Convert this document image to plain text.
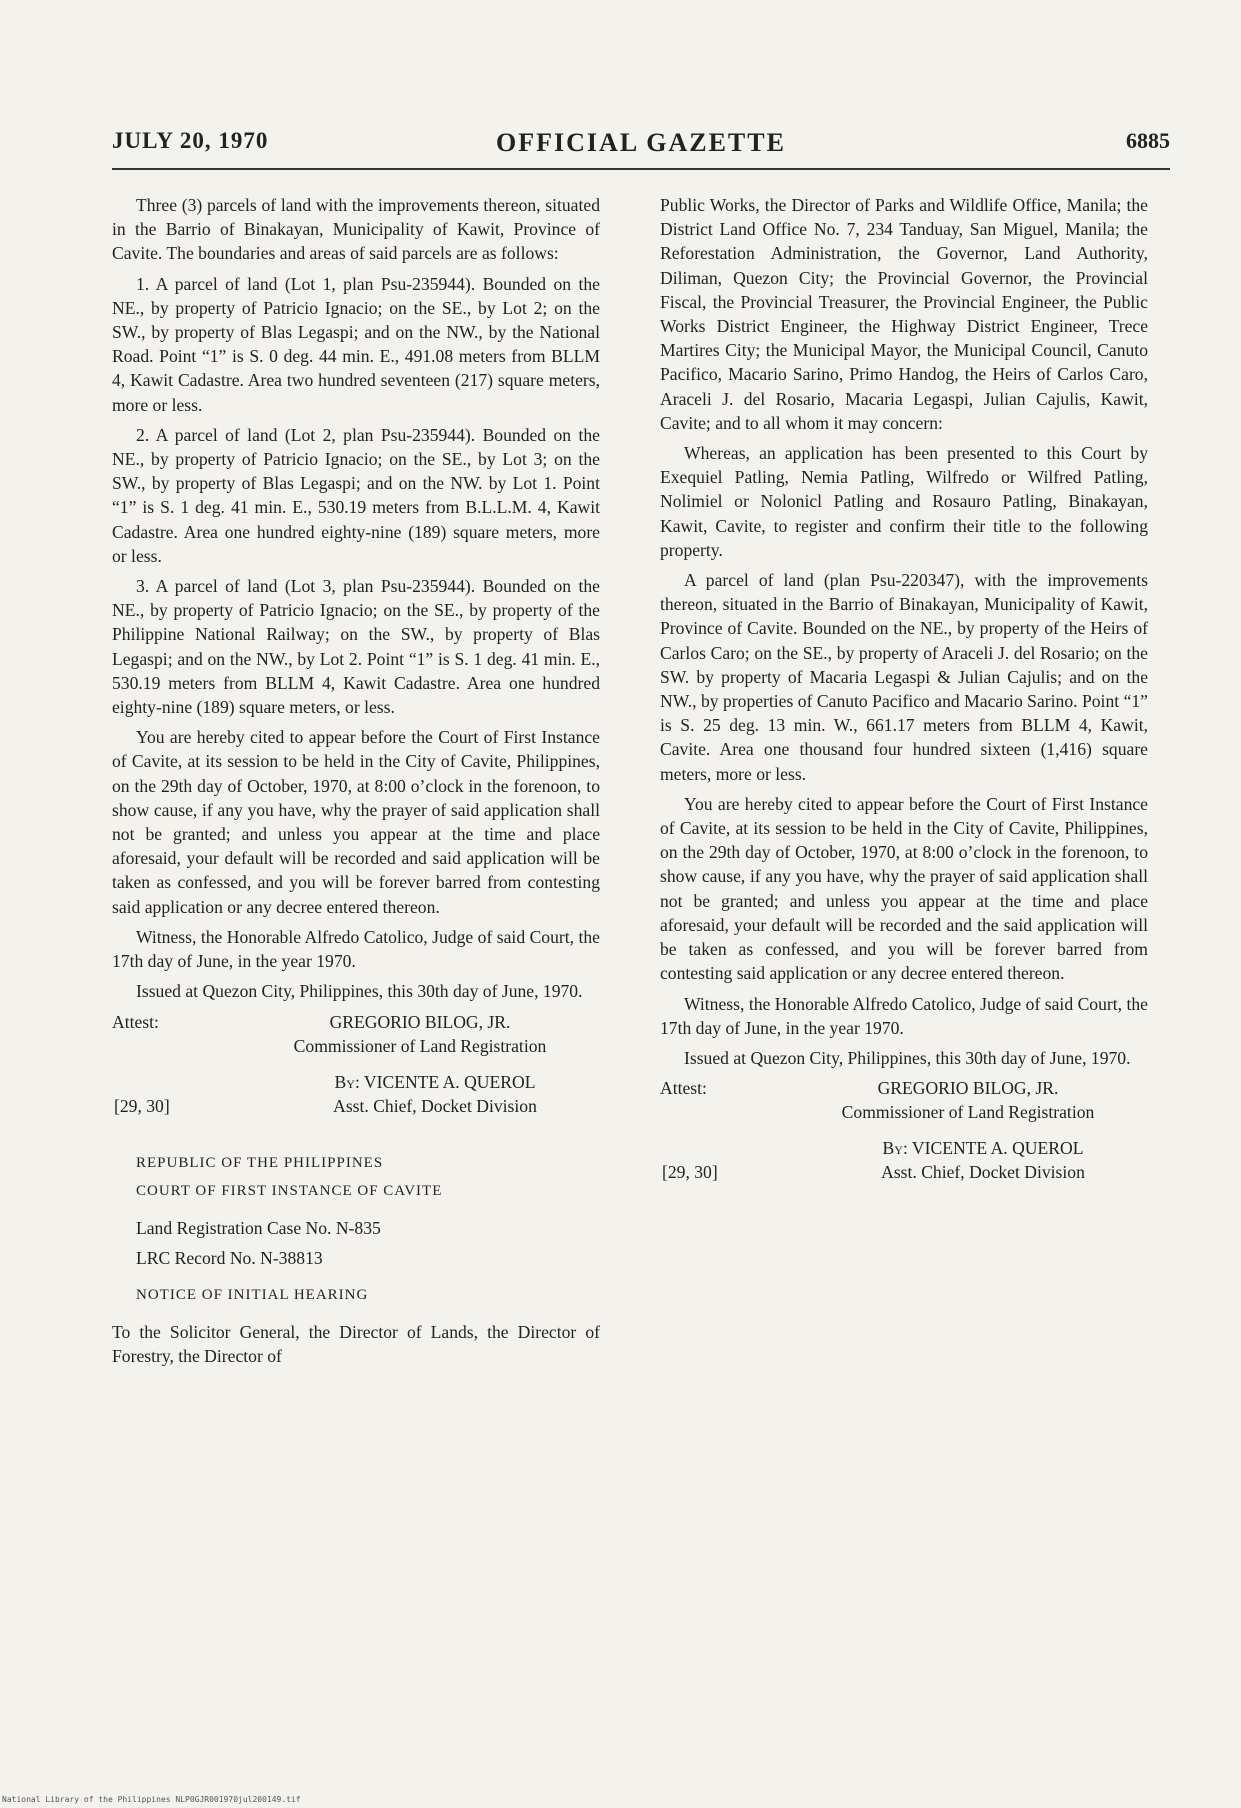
OFFICIAL GAZETTE
JULY 20, 1970	6885

Three (3) parcels of land with the improvements thereon, situated in the Barrio of Binakayan, Municipality of Kawit, Province of Cavite. The boundaries and areas of said parcels are as follows:

1. A parcel of land (Lot 1, plan Psu-235944). Bounded on the NE., by property of Patricio Ignacio; on the SE., by Lot 2; on the SW., by property of Blas Legaspi; and on the NW., by the National Road. Point “1” is S. 0 deg. 44 min. E., 491.08 meters from BLLM 4, Kawit Cadastre. Area two hundred seventeen (217) square meters, more or less.

2. A parcel of land (Lot 2, plan Psu-235944). Bounded on the NE., by property of Patricio Ignacio; on the SE., by Lot 3; on the SW., by property of Blas Legaspi; and on the NW. by Lot 1. Point “1” is S. 1 deg. 41 min. E., 530.19 meters from B.L.L.M. 4, Kawit Cadastre. Area one hundred eighty-nine (189) square meters, more or less.

3. A parcel of land (Lot 3, plan Psu-235944). Bounded on the NE., by property of Patricio Ignacio; on the SE., by property of the Philippine National Railway; on the SW., by property of Blas Legaspi; and on the NW., by Lot 2. Point “1” is S. 1 deg. 41 min. E., 530.19 meters from BLLM 4, Kawit Cadastre. Area one hundred eighty-nine (189) square meters, or less.

You are hereby cited to appear before the Court of First Instance of Cavite, at its session to be held in the City of Cavite, Philippines, on the 29th day of October, 1970, at 8:00 o’clock in the forenoon, to show cause, if any you have, why the prayer of said application shall not be granted; and unless you appear at the time and place aforesaid, your default will be recorded and said application will be taken as confessed, and you will be forever barred from contesting said application or any decree entered thereon.

Witness, the Honorable Alfredo Catolico, Judge of said Court, the 17th day of June, in the year 1970.

Issued at Quezon City, Philippines, this 30th day of June, 1970.

Attest:	GREGORIO BILOG, JR.
Commissioner of Land Registration
[29, 30]
By: VICENTE A. QUEROL
Asst. Chief, Docket Division

REPUBLIC OF THE PHILIPPINES

COURT OF FIRST INSTANCE OF CAVITE

Land Registration Case No. N-835

LRC Record No. N-38813

NOTICE OF INITIAL HEARING

To the Solicitor General, the Director of Lands, the Director of Forestry, the Director of

Public Works, the Director of Parks and Wildlife Office, Manila; the District Land Office No. 7, 234 Tanduay, San Miguel, Manila; the Reforestation Administration, the Governor, Land Authority, Diliman, Quezon City; the Provincial Governor, the Provincial Fiscal, the Provincial Treasurer, the Provincial Engineer, the Public Works District Engineer, the Highway District Engineer, Trece Martires City; the Municipal Mayor, the Municipal Council, Canuto Pacifico, Macario Sarino, Primo Handog, the Heirs of Carlos Caro, Araceli J. del Rosario, Macaria Legaspi, Julian Cajulis, Kawit, Cavite; and to all whom it may concern:

Whereas, an application has been presented to this Court by Exequiel Patling, Nemia Patling, Wilfredo or Wilfred Patling, Nolimiel or Nolonicl Patling and Rosauro Patling, Binakayan, Kawit, Cavite, to register and confirm their title to the following property.

A parcel of land (plan Psu-220347), with the improvements thereon, situated in the Barrio of Binakayan, Municipality of Kawit, Province of Cavite. Bounded on the NE., by property of the Heirs of Carlos Caro; on the SE., by property of Araceli J. del Rosario; on the SW. by property of Macaria Legaspi & Julian Cajulis; and on the NW., by properties of Canuto Pacifico and Macario Sarino. Point “1” is S. 25 deg. 13 min. W., 661.17 meters from BLLM 4, Kawit, Cavite. Area one thousand four hundred sixteen (1,416) square meters, more or less.

You are hereby cited to appear before the Court of First Instance of Cavite, at its session to be held in the City of Cavite, Philippines, on the 29th day of October, 1970, at 8:00 o’clock in the forenoon, to show cause, if any you have, why the prayer of said application shall not be granted; and unless you appear at the time and place aforesaid, your default will be recorded and the said application will be taken as confessed, and you will be forever barred from contesting said application or any decree entered thereon.

Witness, the Honorable Alfredo Catolico, Judge of said Court, the 17th day of June, in the year 1970.

Issued at Quezon City, Philippines, this 30th day of June, 1970.

Attest:	GREGORIO BILOG, JR.
Commissioner of Land Registration
[29, 30]
By: VICENTE A. QUEROL
Asst. Chief, Docket Division
National Library of the Philippines NLP0GJR001970jul200149.tif
